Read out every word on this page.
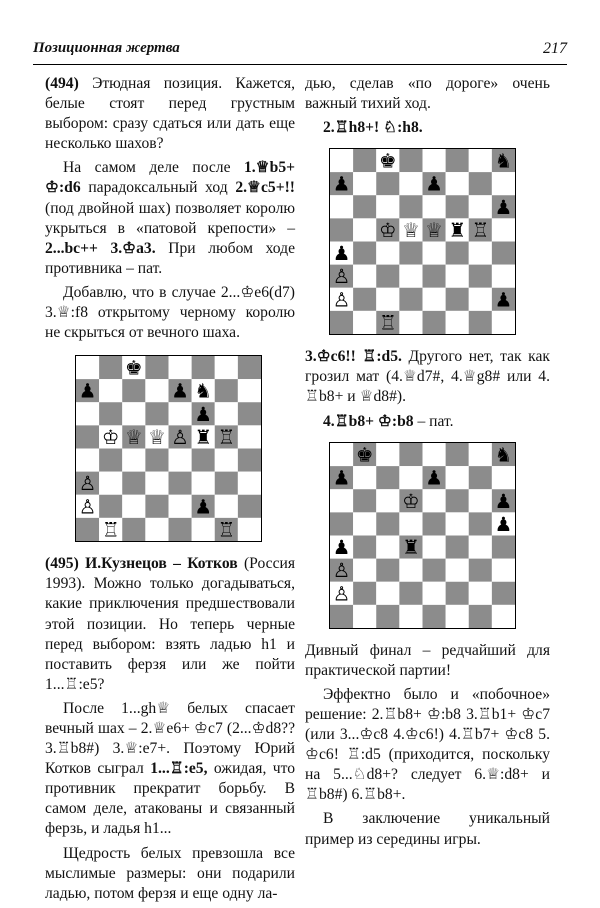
Позиционная жертва	217

(494) Этюдная позиция. Кажется, белые стоят перед грустным выбором: сразу сдаться или дать еще несколько шахов?

На самом деле после 1.♕b5+ ♔:d6 парадоксальный ход 2.♕c5+!! (под двойной шах) позволяет королю укрыться в «патовой крепости» – 2...bc++ 3.♔a3. При любом ходе противника – пат.

Добавлю, что в случае 2...♔e6(d7) 3.♕:f8 открытому черному королю не скрыться от вечного шаха.

♚
♟	♟ ♞
♟
♔ ♕ ♕ ♙ ♜ ♖
♙
♙	♟
♖	♖

(495) И.Кузнецов – Котков (Россия 1993). Можно только догадываться, какие приключения предшествовали этой позиции. Но теперь черные перед выбором: взять ладью h1 и поставить ферзя или же пойти 1...♖:e5?

После 1...gh♕ белых спасает вечный шах – 2.♕e6+ ♔c7 (2...♔d8?? 3.♖b8#) 3.♕:e7+. Поэтому Юрий Котков сыграл 1...♖:e5, ожидая, что противник прекратит борьбу. В самом деле, атакованы и связанный ферзь, и ладья h1...

Щедрость белых превзошла все мыслимые размеры: они подарили ладью, потом ферзя и еще одну ла-

дью, сделав «по дороге» очень важный тихий ход.

2.♖h8+! ♘:h8.

♚	♞
♟	♟
♟
♔ ♕ ♕ ♜ ♖
♟
♙
♙	♟
♖

3.♔c6!! ♖:d5. Другого нет, так как грозил мат (4.♕d7#, 4.♕g8# или 4. ♖b8+ и ♕d8#).

4.♖b8+ ♔:b8 – пат.

♚	♞
♟	♟
♔	♟
♟
♟	♜
♙
♙

Дивный финал – редчайший для практической партии!

Эффектно было и «побочное» решение: 2.♖b8+ ♔:b8 3.♖b1+ ♔c7 (или 3...♔c8 4.♔c6!) 4.♖b7+ ♔c8 5. ♔c6! ♖:d5 (приходится, поскольку на 5...♘d8+? следует 6.♕:d8+ и ♖b8#) 6.♖b8+.

В заключение уникальный пример из середины игры.
